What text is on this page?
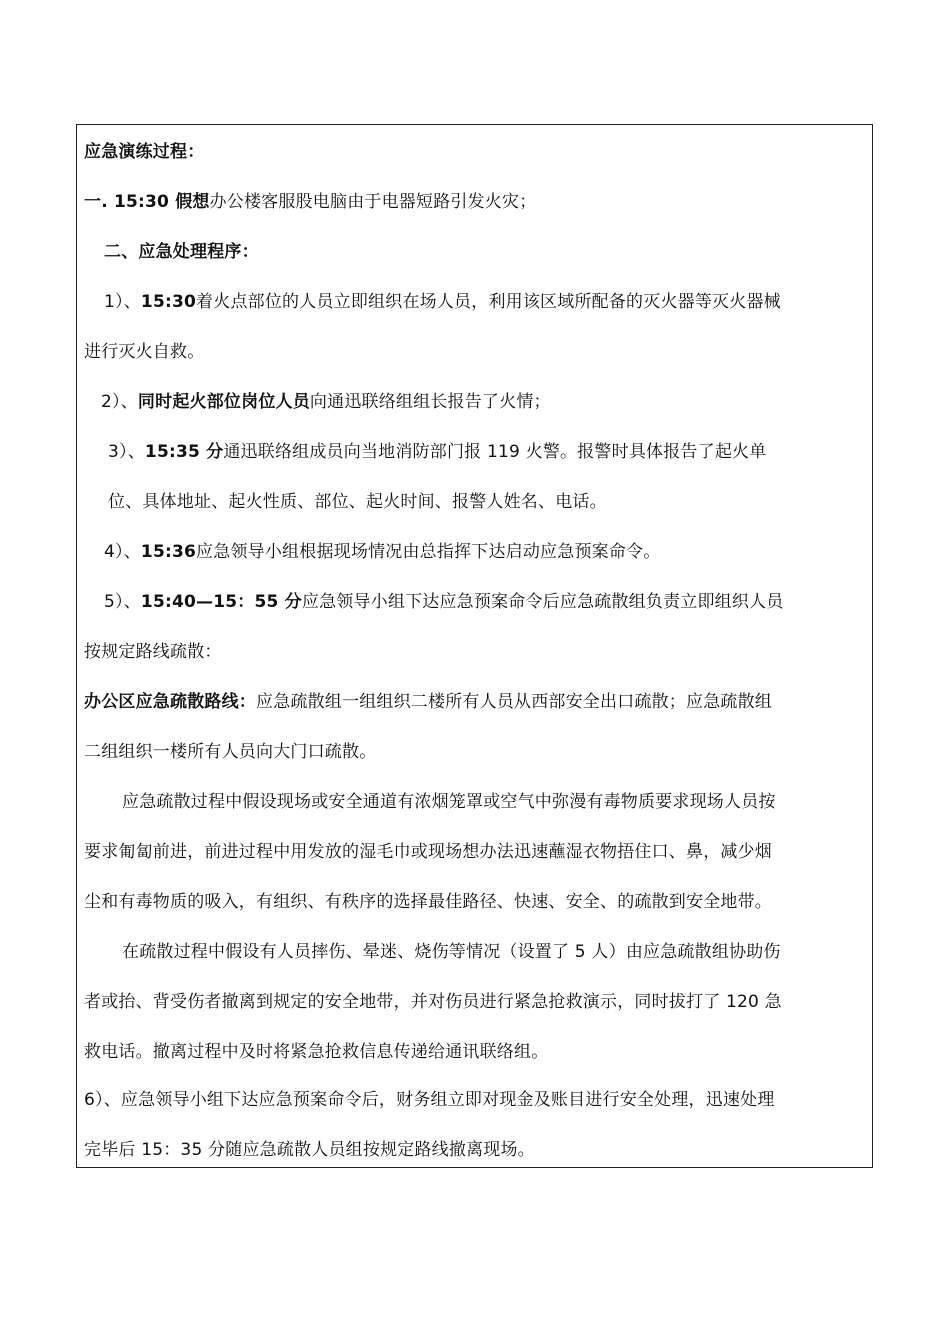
应急演练过程：
一. 15:30 假想办公楼客服股电脑由于电器短路引发火灾；
二、应急处理程序：
1）、15:30着火点部位的人员立即组织在场人员，利用该区域所配备的灭火器等灭火器械
进行灭火自救。
2）、同时起火部位岗位人员向通迅联络组组长报告了火情；
3）、15:35 分通迅联络组成员向当地消防部门报 119 火警。报警时具体报告了起火单
位、具体地址、起火性质、部位、起火时间、报警人姓名、电话。
4）、15:36应急领导小组根据现场情况由总指挥下达启动应急预案命令。
5）、15:40—15：55 分应急领导小组下达应急预案命令后应急疏散组负责立即组织人员
按规定路线疏散：
办公区应急疏散路线：应急疏散组一组组织二楼所有人员从西部安全出口疏散；应急疏散组
二组组织一楼所有人员向大门口疏散。
应急疏散过程中假设现场或安全通道有浓烟笼罩或空气中弥漫有毒物质要求现场人员按
要求匍匐前进，前进过程中用发放的湿毛巾或现场想办法迅速蘸湿衣物捂住口、鼻，减少烟
尘和有毒物质的吸入，有组织、有秩序的选择最佳路径、快速、安全、的疏散到安全地带。
在疏散过程中假设有人员摔伤、晕迷、烧伤等情况（设置了 5 人）由应急疏散组协助伤
者或抬、背受伤者撤离到规定的安全地带，并对伤员进行紧急抢救演示，同时拔打了 120 急
救电话。撤离过程中及时将紧急抢救信息传递给通讯联络组。
6）、应急领导小组下达应急预案命令后，财务组立即对现金及账目进行安全处理，迅速处理
完毕后 15：35 分随应急疏散人员组按规定路线撤离现场。
